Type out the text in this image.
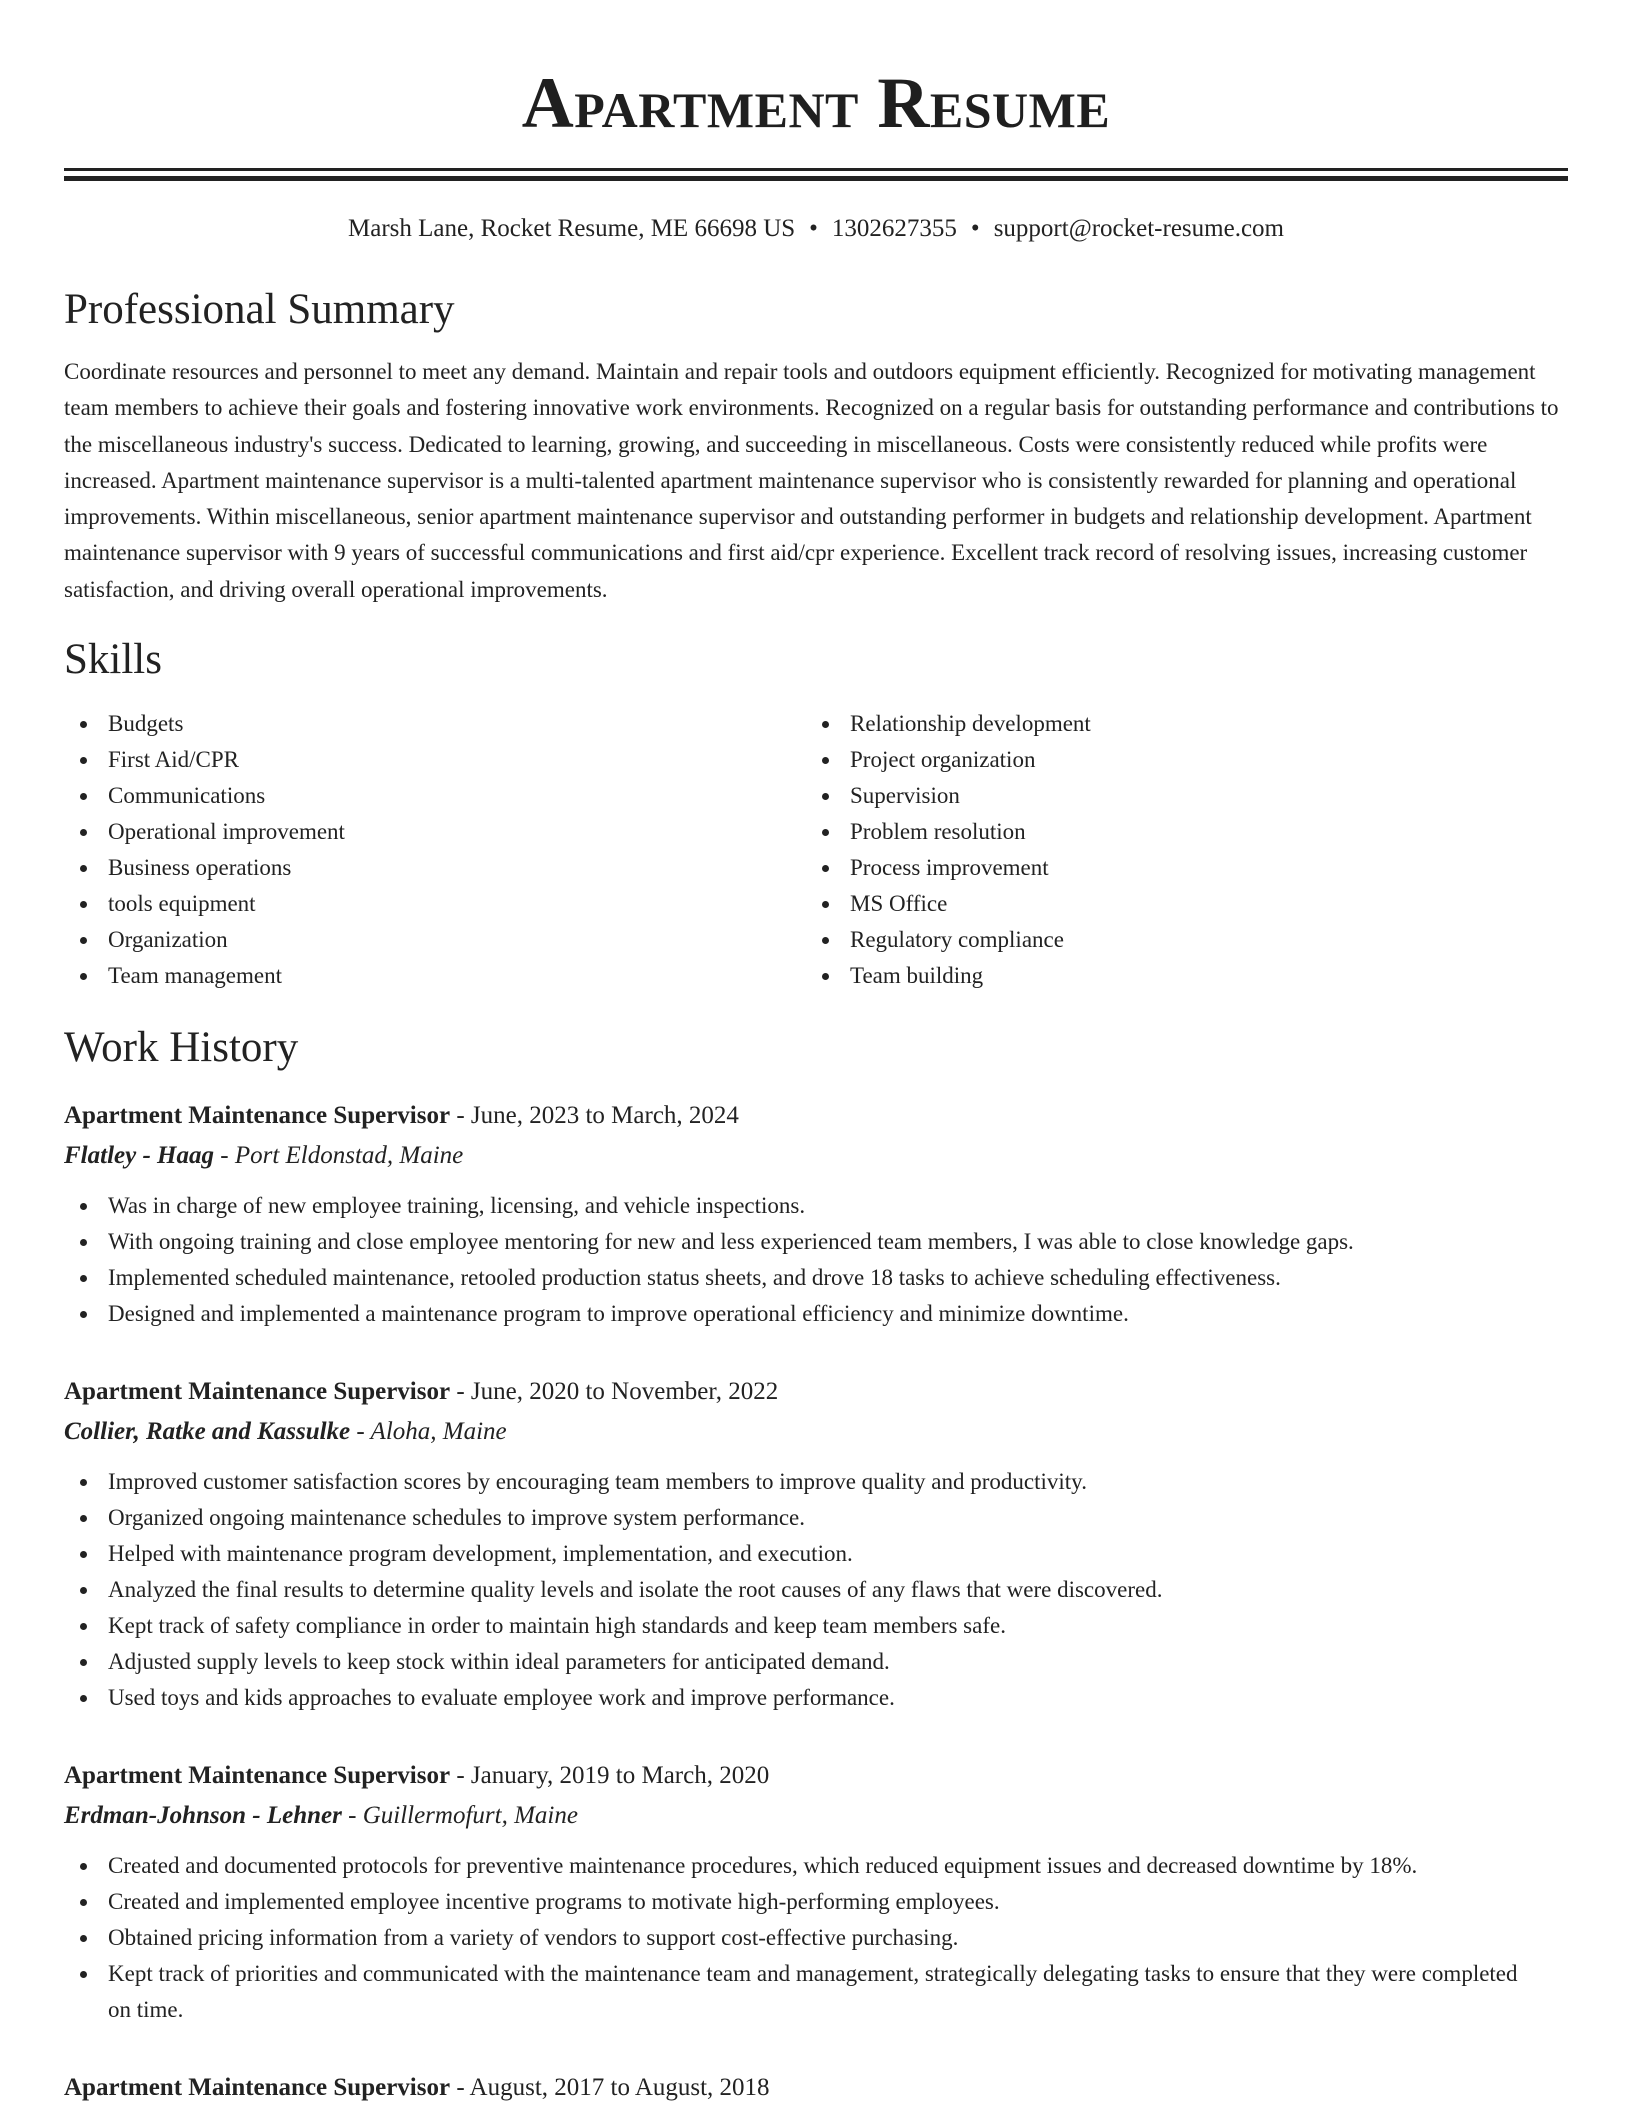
Apartment Resume
Marsh Lane, Rocket Resume, ME 66698 US • 1302627355 • support@rocket-resume.com
Professional Summary

Coordinate resources and personnel to meet any demand. Maintain and repair tools and outdoors equipment efficiently. Recognized for motivating management team members to achieve their goals and fostering innovative work environments. Recognized on a regular basis for outstanding performance and contributions to the miscellaneous industry's success. Dedicated to learning, growing, and succeeding in miscellaneous. Costs were consistently reduced while profits were increased. Apartment maintenance supervisor is a multi-talented apartment maintenance supervisor who is consistently rewarded for planning and operational improvements. Within miscellaneous, senior apartment maintenance supervisor and outstanding performer in budgets and relationship development. Apartment maintenance supervisor with 9 years of successful communications and first aid/cpr experience. Excellent track record of resolving issues, increasing customer satisfaction, and driving overall operational improvements.

Skills
Budgets
First Aid/CPR
Communications
Operational improvement
Business operations
tools equipment
Organization
Team management
Relationship development
Project organization
Supervision
Problem resolution
Process improvement
MS Office
Regulatory compliance
Team building
Work History
Apartment Maintenance Supervisor - June, 2023 to March, 2024
Flatley - Haag - Port Eldonstad, Maine
Was in charge of new employee training, licensing, and vehicle inspections.
With ongoing training and close employee mentoring for new and less experienced team members, I was able to close knowledge gaps.
Implemented scheduled maintenance, retooled production status sheets, and drove 18 tasks to achieve scheduling effectiveness.
Designed and implemented a maintenance program to improve operational efficiency and minimize downtime.
Apartment Maintenance Supervisor - June, 2020 to November, 2022
Collier, Ratke and Kassulke - Aloha, Maine
Improved customer satisfaction scores by encouraging team members to improve quality and productivity.
Organized ongoing maintenance schedules to improve system performance.
Helped with maintenance program development, implementation, and execution.
Analyzed the final results to determine quality levels and isolate the root causes of any flaws that were discovered.
Kept track of safety compliance in order to maintain high standards and keep team members safe.
Adjusted supply levels to keep stock within ideal parameters for anticipated demand.
Used toys and kids approaches to evaluate employee work and improve performance.
Apartment Maintenance Supervisor - January, 2019 to March, 2020
Erdman-Johnson - Lehner - Guillermofurt, Maine
Created and documented protocols for preventive maintenance procedures, which reduced equipment issues and decreased downtime by 18%.
Created and implemented employee incentive programs to motivate high-performing employees.
Obtained pricing information from a variety of vendors to support cost-effective purchasing.
Kept track of priorities and communicated with the maintenance team and management, strategically delegating tasks to ensure that they were completed on time.
Apartment Maintenance Supervisor - August, 2017 to August, 2018
